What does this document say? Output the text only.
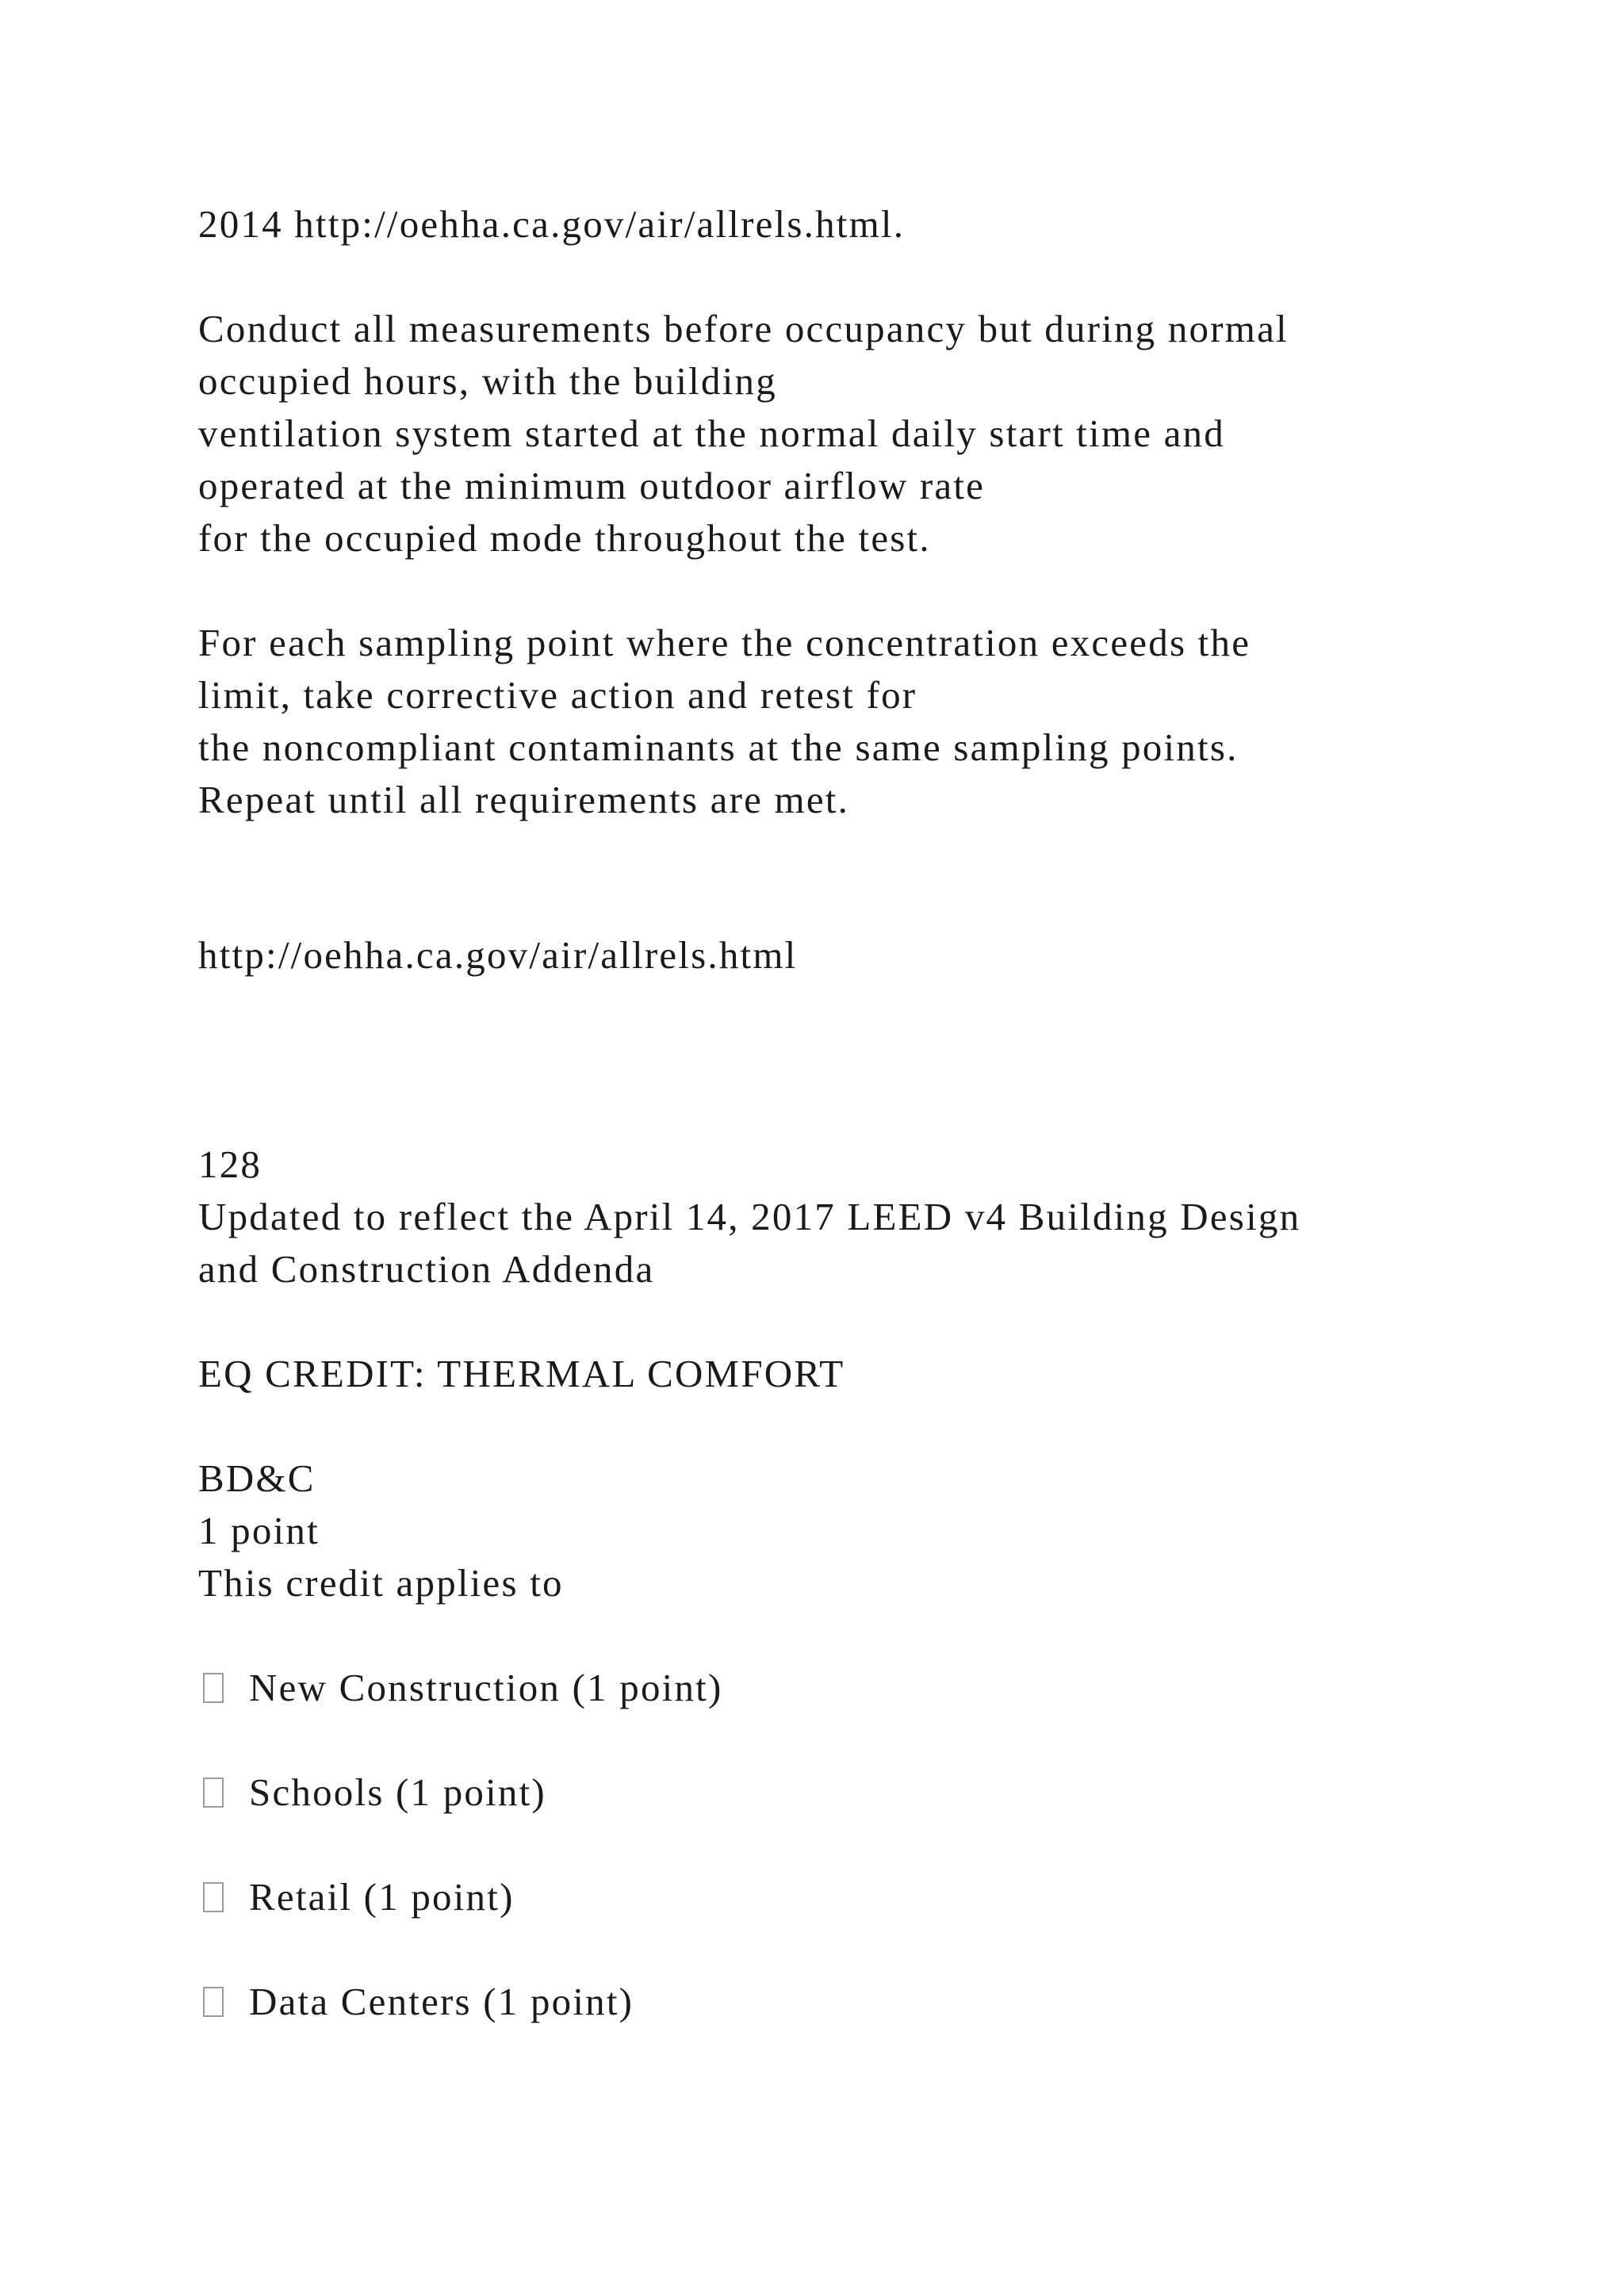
2014 http://oehha.ca.gov/air/allrels.html.
Conduct all measurements before occupancy but during normal
occupied hours, with the building
ventilation system started at the normal daily start time and
operated at the minimum outdoor airflow rate
for the occupied mode throughout the test.
For each sampling point where the concentration exceeds the
limit, take corrective action and retest for
the noncompliant contaminants at the same sampling points.
Repeat until all requirements are met.
http://oehha.ca.gov/air/allrels.html
128
Updated to reflect the April 14, 2017 LEED v4 Building Design
and Construction Addenda
EQ CREDIT: THERMAL COMFORT
BD&C
1 point
This credit applies to
New Construction (1 point)
Schools (1 point)
Retail (1 point)
Data Centers (1 point)
